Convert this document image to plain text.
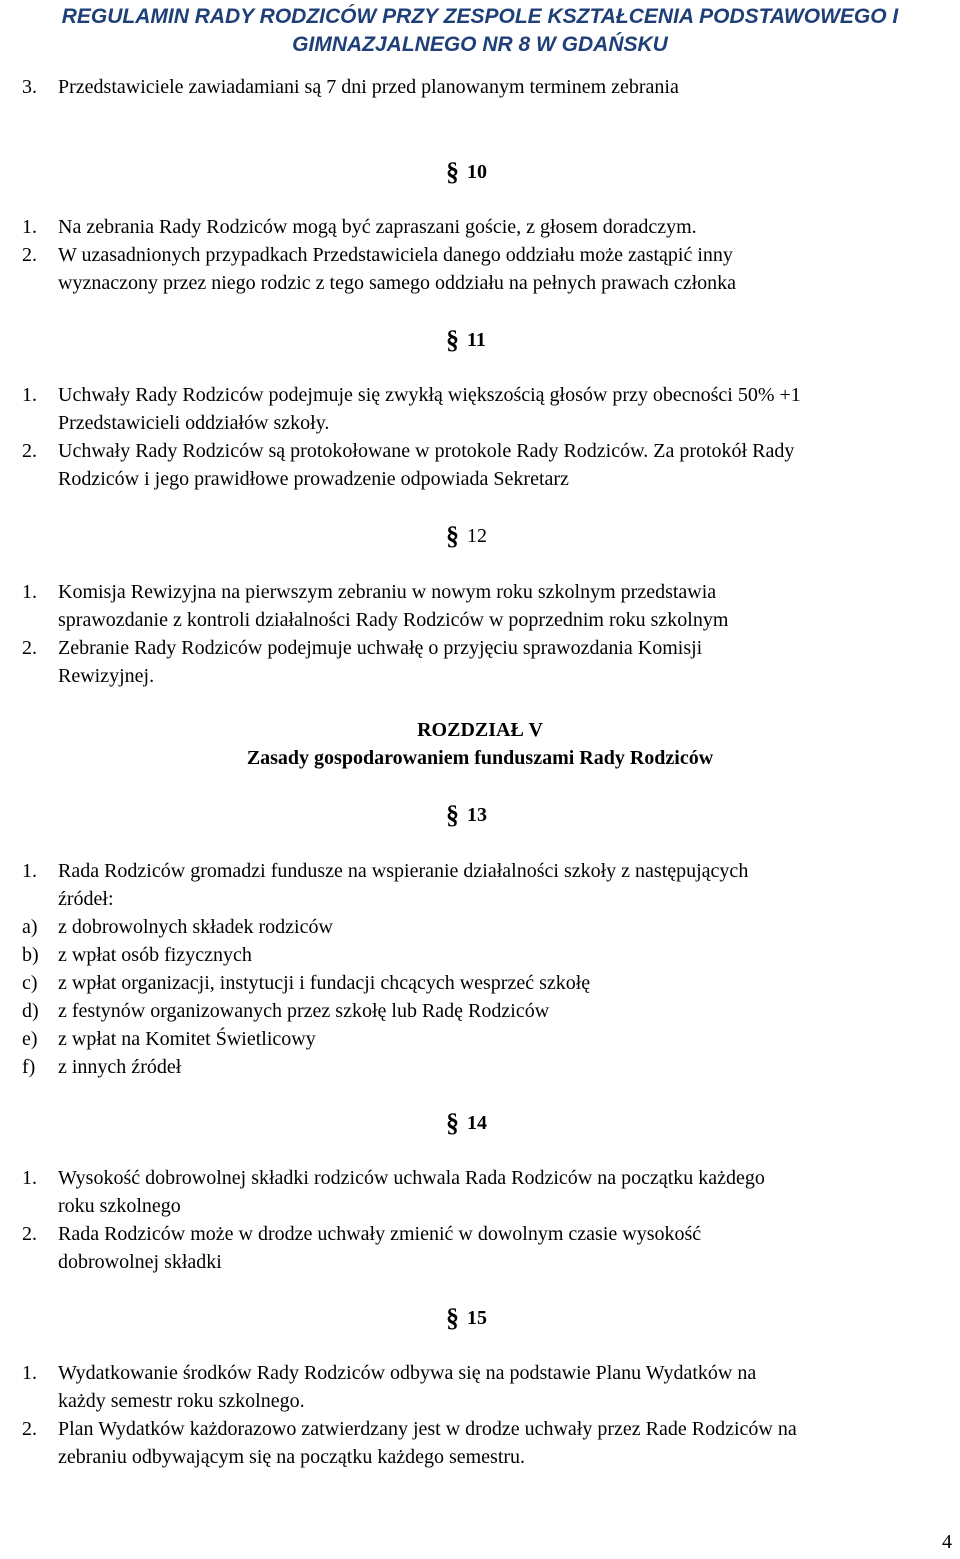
REGULAMIN RADY RODZICÓW PRZY ZESPOLE KSZTAŁCENIA PODSTAWOWEGO I
GIMNAZJALNEGO NR 8 W GDAŃSKU
3. Przedstawiciele zawiadamiani są 7 dni przed planowanym terminem zebrania
§ 10
1. Na zebrania Rady Rodziców mogą być zapraszani goście, z głosem doradczym.
2. W uzasadnionych przypadkach Przedstawiciela danego oddziału może zastąpić inny
wyznaczony przez niego rodzic z tego samego oddziału na pełnych prawach członka
§ 11
1. Uchwały Rady Rodziców podejmuje się zwykłą większością głosów przy obecności 50% +1
Przedstawicieli oddziałów szkoły.
2. Uchwały Rady Rodziców są protokołowane w protokole Rady Rodziców. Za protokół Rady
Rodziców i jego prawidłowe prowadzenie odpowiada Sekretarz
§ 12
1. Komisja Rewizyjna na pierwszym zebraniu w nowym roku szkolnym przedstawia
sprawozdanie z kontroli działalności Rady Rodziców w poprzednim roku szkolnym
2. Zebranie Rady Rodziców podejmuje uchwałę o przyjęciu sprawozdania Komisji
Rewizyjnej.
ROZDZIAŁ V
Zasady gospodarowaniem funduszami Rady Rodziców
§ 13
1. Rada Rodziców gromadzi fundusze na wspieranie działalności szkoły z następujących
źródeł:
a) z dobrowolnych składek rodziców
b) z wpłat osób fizycznych
c) z wpłat organizacji, instytucji i fundacji chcących wesprzeć szkołę
d) z festynów organizowanych przez szkołę lub Radę Rodziców
e) z wpłat na Komitet Świetlicowy
f) z innych źródeł
§ 14
1. Wysokość dobrowolnej składki rodziców uchwala Rada Rodziców na początku każdego
roku szkolnego
2. Rada Rodziców może w drodze uchwały zmienić w dowolnym czasie wysokość
dobrowolnej składki
§ 15
1. Wydatkowanie środków Rady Rodziców odbywa się na podstawie Planu Wydatków na
każdy semestr roku szkolnego.
2. Plan Wydatków każdorazowo zatwierdzany jest w drodze uchwały przez Rade Rodziców na
zebraniu odbywającym się na początku każdego semestru.
4
